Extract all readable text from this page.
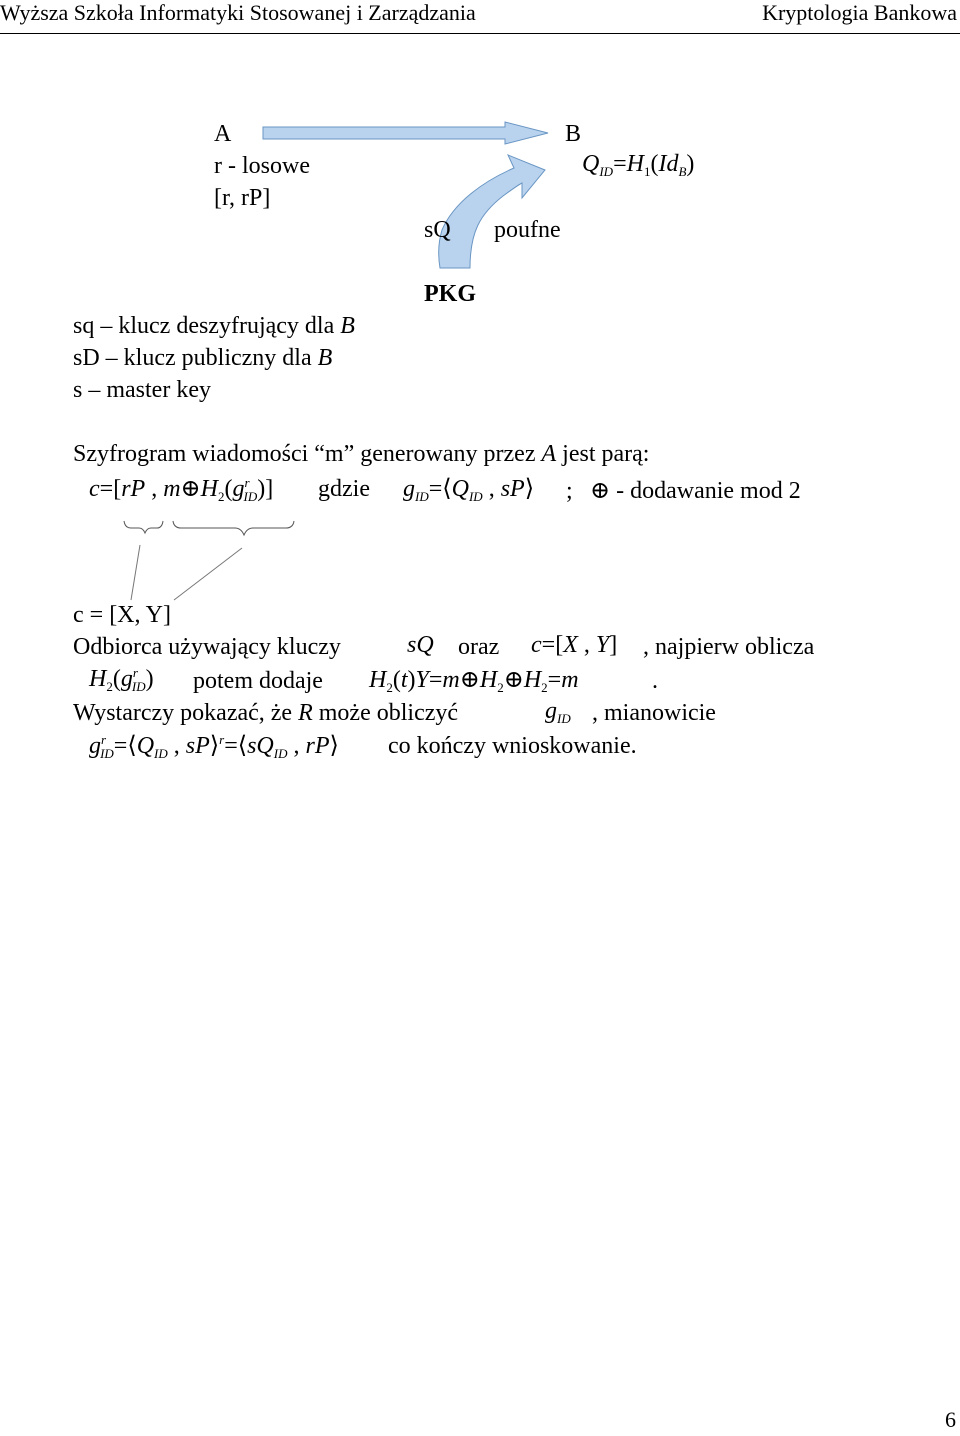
Wyższa Szkoła Informatyki Stosowanej i Zarządzania	Kryptologia Bankowa
A
r - losowe
[r, rP]
B
$Q_{ID}=H_1(Id_B)$
sQ poufne
PKG
sq – klucz deszyfrujący dla B
sD – klucz publiczny dla B
s – master key
Szyfrogram wiadomości “m” generowany przez A jest parą:
c=[rP , $m\oplus H_2(g^r_{ID})$] gdzie $g_{ID}=⟨Q_{ID}$ , sP⟩ ; ⊕ - dodawanie mod 2
c = [X, Y]
Odbiorca używający kluczy	sQ oraz c=[X , Y] , najpierw oblicza
$H_2(g^r_{ID})$ potem dodaje $H_2(t)Y=m\oplus H_2\oplus H_2=m$	.
Wystarczy pokazać, że R może obliczyć	$g_{ID}$ , mianowicie
$g^r_{ID}=⟨Q_{ID}$ , $sP⟩^r=⟨sQ_{ID}$ , rP⟩ co kończy wnioskowanie.
6
